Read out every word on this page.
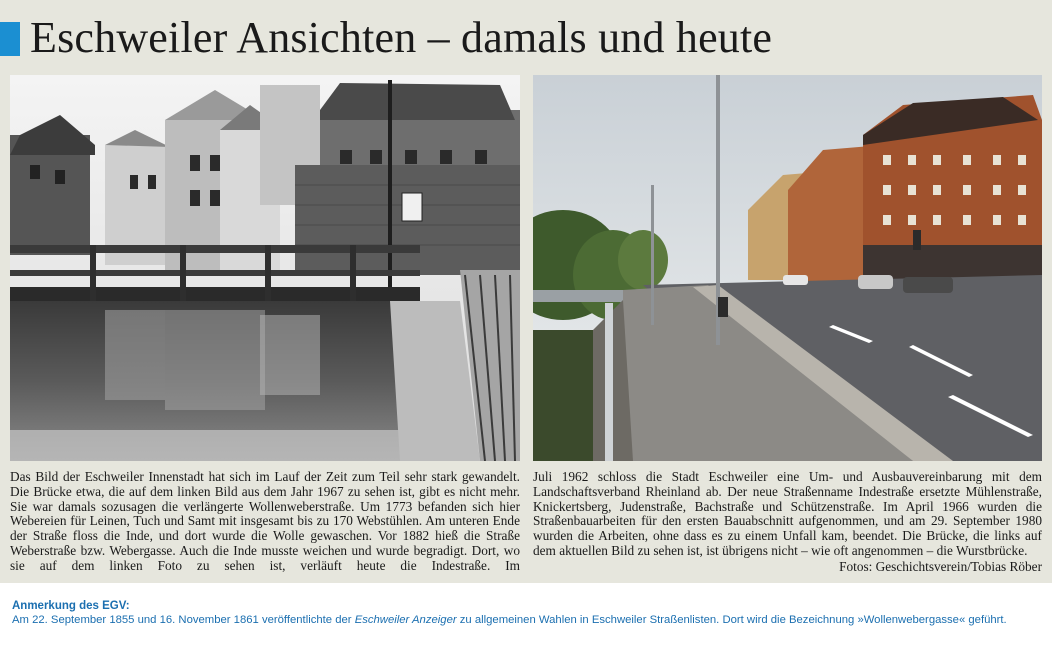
Eschweiler Ansichten – damals und heute
Das Bild der Eschweiler Innenstadt hat sich im Lauf der Zeit zum Teil sehr stark gewandelt. Die Brücke etwa, die auf dem linken Bild aus dem Jahr 1967 zu sehen ist, gibt es nicht mehr. Sie war damals sozusagen die verlängerte Wollenweberstraße. Um 1773 befanden sich hier Webereien für Leinen, Tuch und Samt mit insgesamt bis zu 170 Webstühlen. Am unteren Ende der Straße floss die Inde, und dort wurde die Wolle gewaschen. Vor 1882 hieß die Straße Weberstraße bzw. Webergasse. Auch die Inde musste weichen und wurde begradigt. Dort, wo sie auf dem linken Foto zu sehen ist, verläuft heute die Indestraße. Im
Juli 1962 schloss die Stadt Eschweiler eine Um- und Ausbauvereinbarung mit dem Landschaftsverband Rheinland ab. Der neue Straßenname Indestraße ersetzte Mühlenstraße, Knickertsberg, Judenstraße, Bachstraße und Schützenstraße. Im April 1966 wurden die Straßenbauarbeiten für den ersten Bauabschnitt aufgenommen, und am 29. September 1980 wurden die Arbeiten, ohne dass es zu einem Unfall kam, beendet. Die Brücke, die links auf dem aktuellen Bild zu sehen ist, ist übrigens nicht – wie oft angenommen – die Wurstbrücke.
Fotos: Geschichtsverein/Tobias Röber
Anmerkung des EGV:
Am 22. September 1855 und 16. November 1861 veröffentlichte der Eschweiler Anzeiger zu allgemeinen Wahlen in Eschweiler Straßenlisten. Dort wird die Bezeichnung »Wollenwebergasse« geführt.
